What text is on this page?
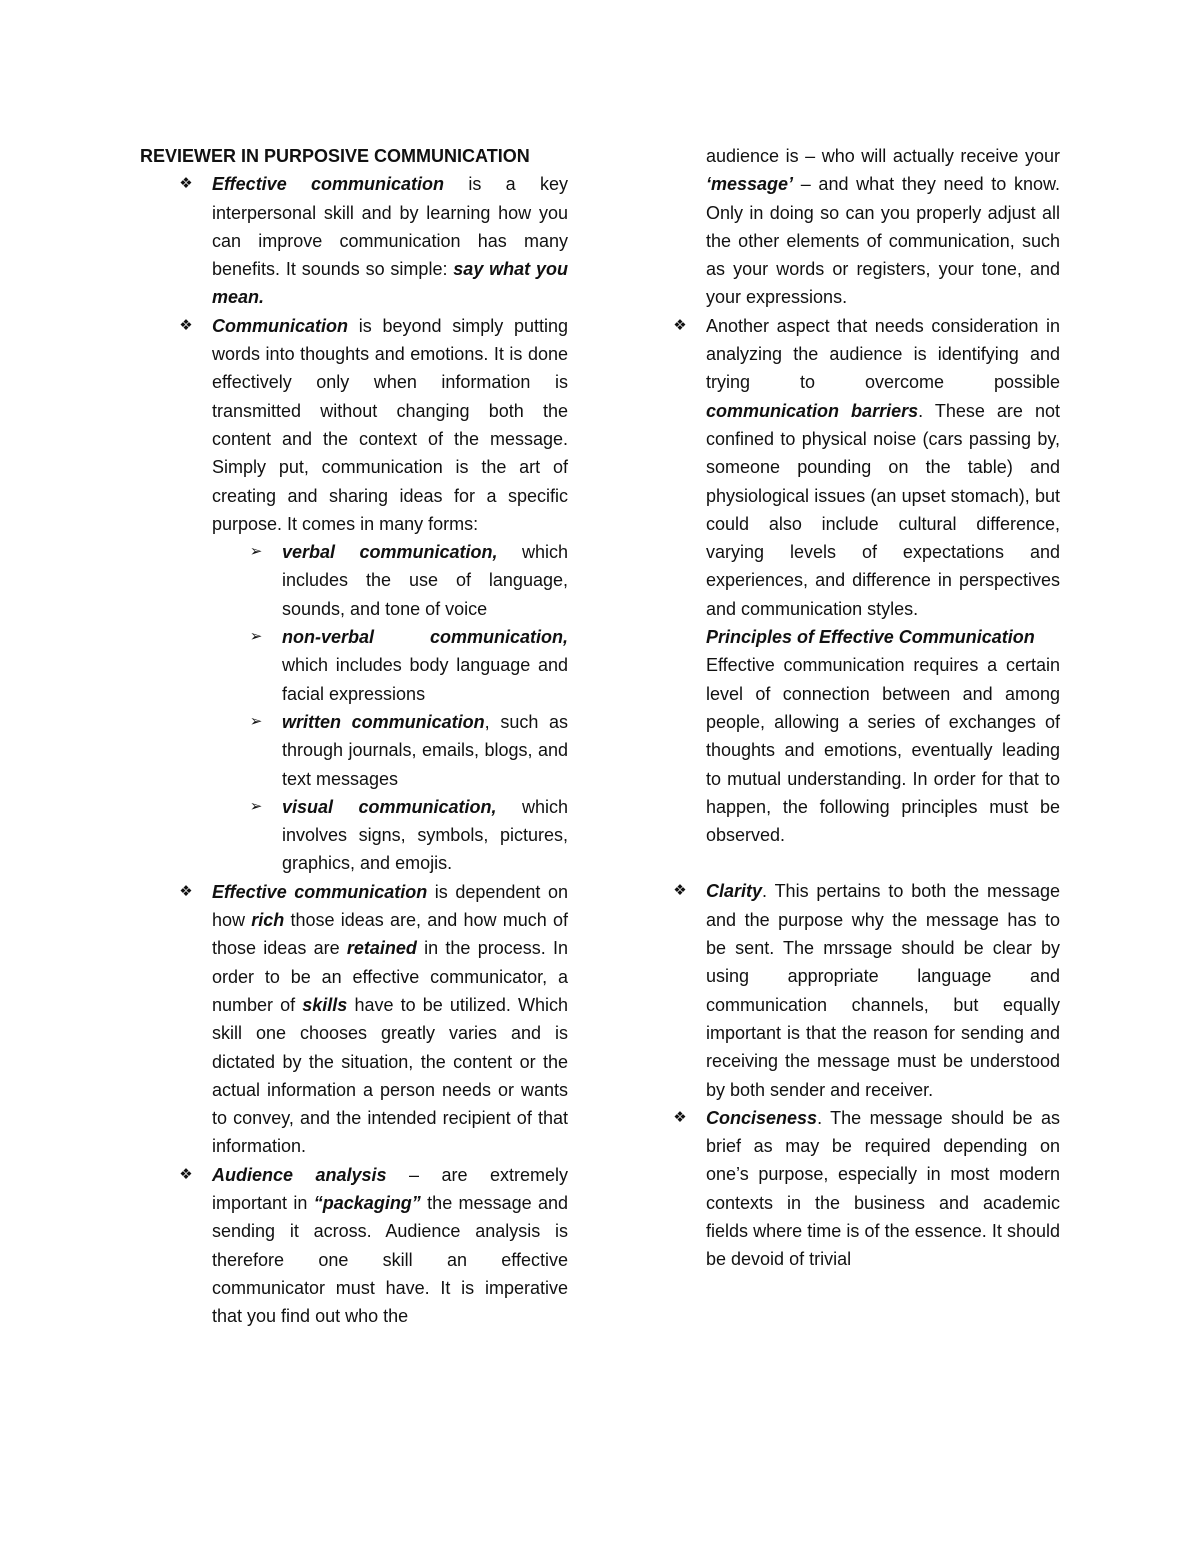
REVIEWER IN PURPOSIVE COMMUNICATION

❖ Effective communication is a key interpersonal skill and by learning how you can improve communication has many benefits. It sounds so simple: say what you mean.
❖ Communication is beyond simply putting words into thoughts and emotions. It is done effectively only when information is transmitted without changing both the content and the context of the message. Simply put, communication is the art of creating and sharing ideas for a specific purpose. It comes in many forms:
➢	verbal communication, which includes the use of language, sounds, and tone of voice
➢	non-verbal communication, which includes body language and facial expressions
➢	written communication, such as through journals, emails, blogs, and text messages
➢	visual communication, which involves signs, symbols, pictures, graphics, and emojis.
❖ Effective communication is dependent on how rich those ideas are, and how much of those ideas are retained in the process. In order to be an effective communicator, a number of skills have to be utilized. Which skill one chooses greatly varies and is dictated by the situation, the content or the actual information a person needs or wants to convey, and the intended recipient of that information.
❖ Audience analysis – are extremely important in “packaging” the message and sending it across. Audience analysis is therefore one skill an effective communicator must have. It is imperative that you find out who the

audience is – who will actually receive your ‘message’ – and what they need to know. Only in doing so can you properly adjust all the other elements of communication, such as your words or registers, your tone, and your expressions.

❖ Another aspect that needs consideration in analyzing the audience is identifying and trying to overcome possible communication barriers. These are not confined to physical noise (cars passing by, someone pounding on the table) and physiological issues (an upset stomach), but could also include cultural difference, varying levels of expectations and experiences, and difference in perspectives and communication styles.

Principles of Effective Communication

Effective communication requires a certain level of connection between and among people, allowing a series of exchanges of thoughts and emotions, eventually leading to mutual understanding. In order for that to happen, the following principles must be observed.

❖ Clarity. This pertains to both the message and the purpose why the message has to be sent. The mrssage should be clear by using appropriate language and communication channels, but equally important is that the reason for sending and receiving the message must be understood by both sender and receiver.
❖ Conciseness. The message should be as brief as may be required depending on one’s purpose, especially in most modern contexts in the business and academic fields where time is of the essence. It should be devoid of trivial
